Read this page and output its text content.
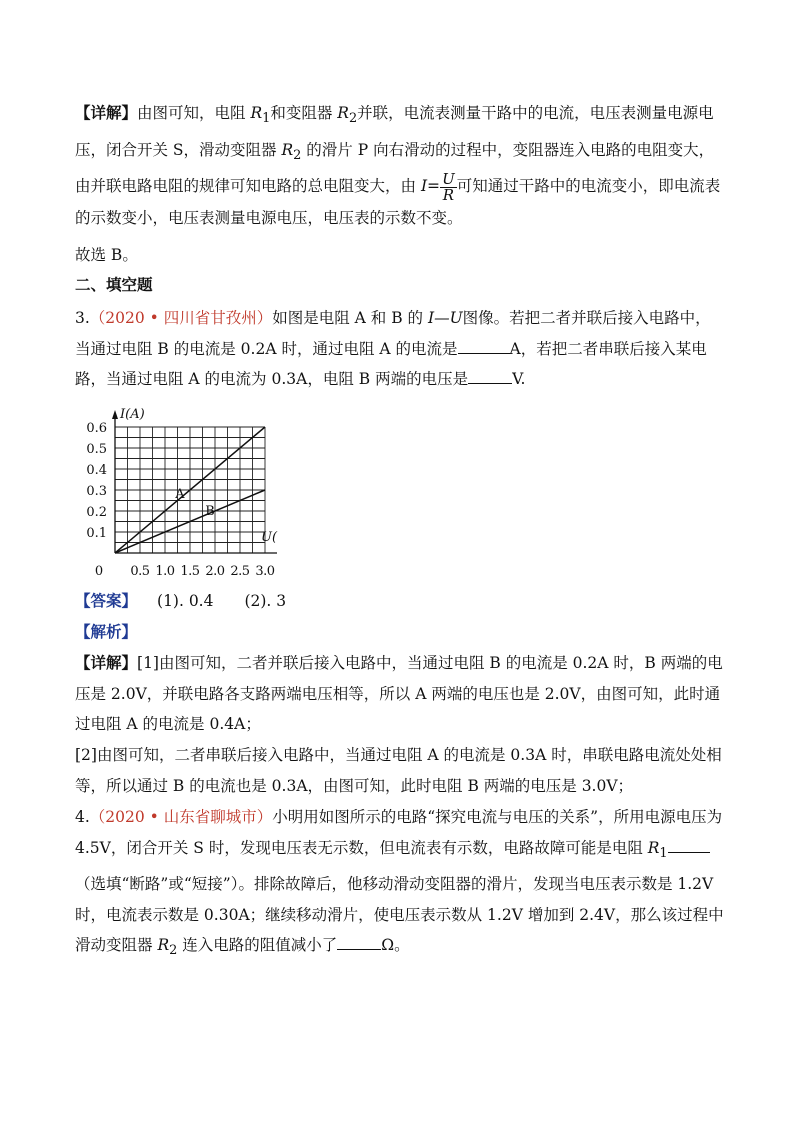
【详解】由图可知，电阻 $R_1$和变阻器 $R_2$并联，电流表测量干路中的电流，电压表测量电源电压，闭合开关 S，滑动变阻器 $R_2$ 的滑片 P 向右滑动的过程中，变阻器连入电路的电阻变大，由并联电路电阻的规律可知电路的总电阻变大，由 $I= \frac{U}{R}$ 可知通过干路中的电流变小，即电流表的示数变小，电压表测量电源电压，电压表的示数不变。

故选 B。

二、填空题

3.（2020 • 四川省甘孜州）如图是电阻 A 和 B 的 I—U图像。若把二者并联后接入电路中，当通过电阻 B 的电流是 0.2A 时，通过电阻 A 的电流是	A，若把二者串联后接入某电路，当通过电阻 A 的电流为 0.3A，电阻 B 两端的电压是	V.

A
B
0.1
0.2
0.3
0.4
0.5
0.6
0.5 1.0 1.5 2.0 2.5 3.0
0
I(A)
U(

【答案】 (1). 0.4　　(2). 3

【解析】

【详解】[1]由图可知，二者并联后接入电路中，当通过电阻 B 的电流是 0.2A 时，B 两端的电压是 2.0V，并联电路各支路两端电压相等，所以 A 两端的电压也是 2.0V，由图可知，此时通过电阻 A 的电流是 0.4A；

[2]由图可知，二者串联后接入电路中，当通过电阻 A 的电流是 0.3A 时，串联电路电流处处相等，所以通过 B 的电流也是 0.3A，由图可知，此时电阻 B 两端的电压是 3.0V；

4.（2020 • 山东省聊城市）小明用如图所示的电路“探究电流与电压的关系”，所用电源电压为 4.5V，闭合开关 S 时，发现电压表无示数，但电流表有示数，电路故障可能是电阻 $R_1$（选填“断路”或“短接”）。排除故障后，他移动滑动变阻器的滑片，发现当电压表示数是 1.2V 时，电流表示数是 0.30A；继续移动滑片，使电压表示数从 1.2V 增加到 2.4V，那么该过程中滑动变阻器 $R_2$ 连入电路的阻值减小了	Ω。
